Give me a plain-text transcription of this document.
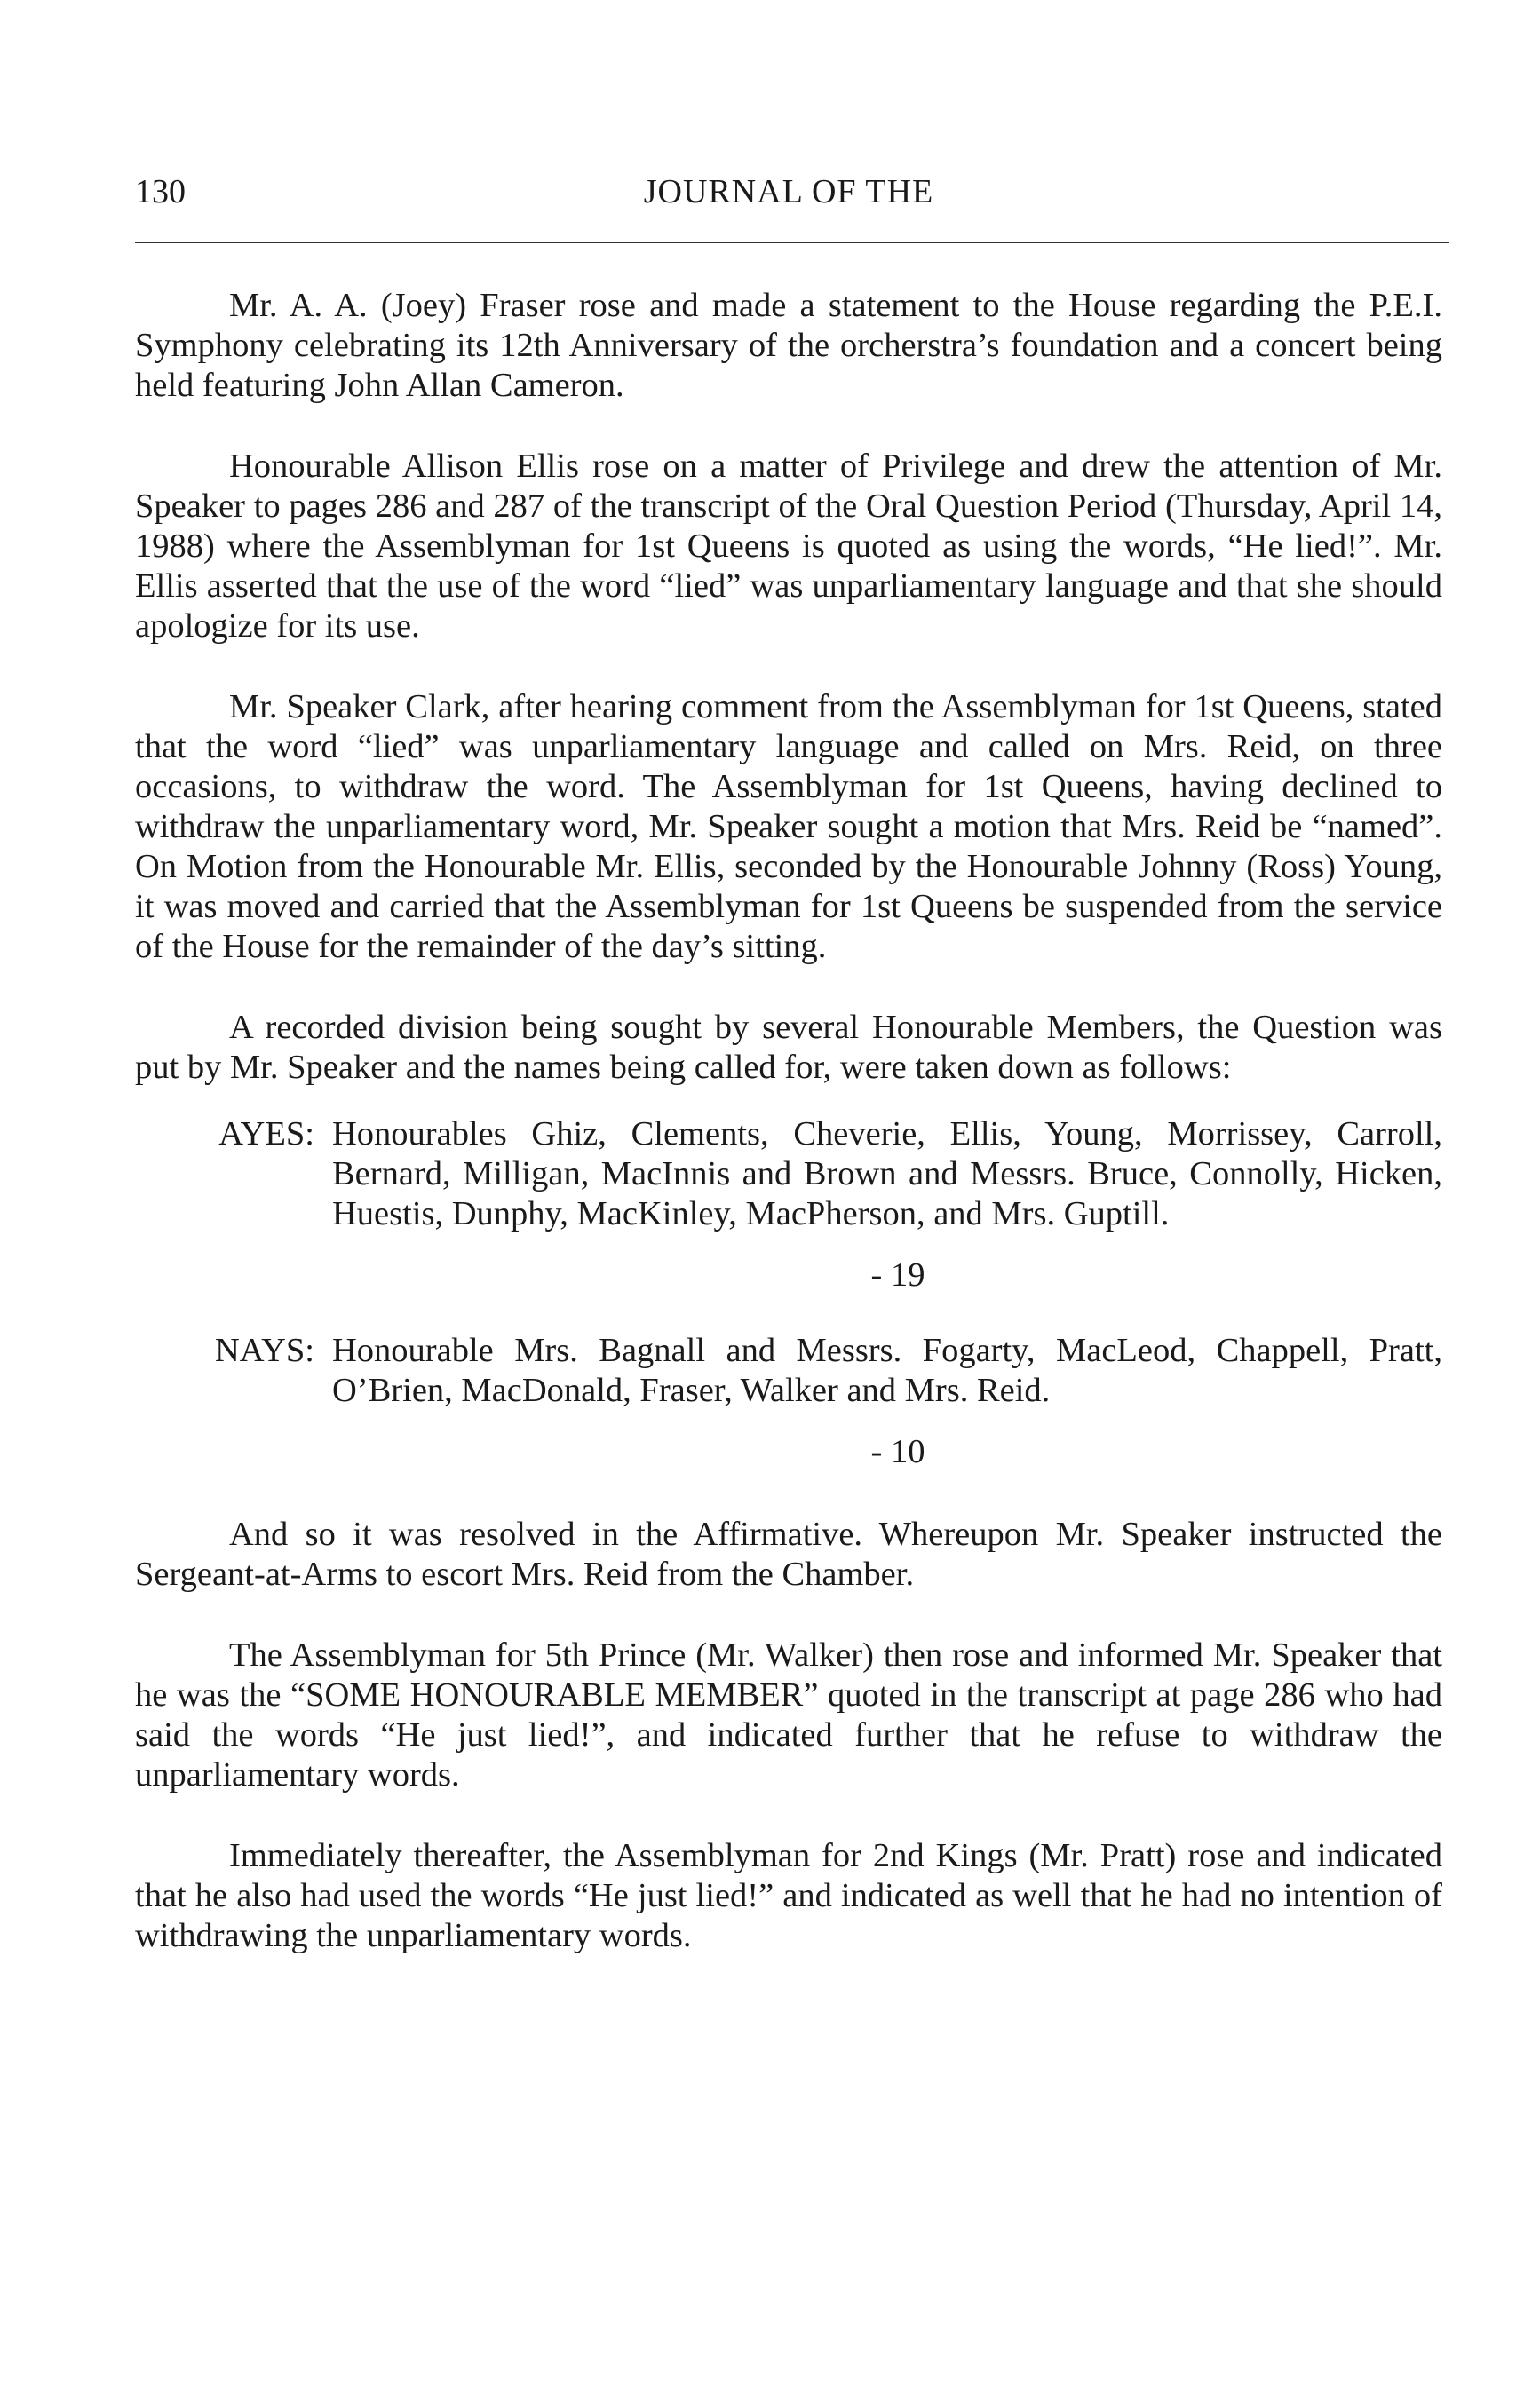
130	JOURNAL OF THE

Mr. A. A. (Joey) Fraser rose and made a statement to the House regarding the P.E.I. Symphony celebrating its 12th Anniversary of the orcherstra’s foundation and a concert being held featuring John Allan Cameron.

Honourable Allison Ellis rose on a matter of Privilege and drew the attention of Mr. Speaker to pages 286 and 287 of the transcript of the Oral Question Period (Thursday, April 14, 1988) where the Assemblyman for 1st Queens is quoted as using the words, “He lied!”. Mr. Ellis asserted that the use of the word “lied” was unparliamentary language and that she should apologize for its use.

Mr. Speaker Clark, after hearing comment from the Assemblyman for 1st Queens, stated that the word “lied” was unparliamentary language and called on Mrs. Reid, on three occasions, to withdraw the word. The Assemblyman for 1st Queens, having declined to withdraw the unparliamentary word, Mr. Speaker sought a motion that Mrs. Reid be “named”. On Motion from the Honourable Mr. Ellis, seconded by the Honourable Johnny (Ross) Young, it was moved and carried that the Assemblyman for 1st Queens be suspended from the service of the House for the remainder of the day’s sitting.

A recorded division being sought by several Honourable Members, the Question was put by Mr. Speaker and the names being called for, were taken down as follows:

AYES: Honourables Ghiz, Clements, Cheverie, Ellis, Young, Morrissey, Carroll, Bernard, Milligan, MacInnis and Brown and Messrs. Bruce, Connolly, Hicken, Huestis, Dunphy, MacKinley, MacPherson, and Mrs. Guptill.
- 19
NAYS: Honourable Mrs. Bagnall and Messrs. Fogarty, MacLeod, Chappell, Pratt, O’Brien, MacDonald, Fraser, Walker and Mrs. Reid.
- 10

And so it was resolved in the Affirmative. Whereupon Mr. Speaker instructed the Sergeant-at-Arms to escort Mrs. Reid from the Chamber.

The Assemblyman for 5th Prince (Mr. Walker) then rose and informed Mr. Speaker that he was the “SOME HONOURABLE MEMBER” quoted in the transcript at page 286 who had said the words “He just lied!”, and indicated further that he refuse to withdraw the unparliamentary words.

Immediately thereafter, the Assemblyman for 2nd Kings (Mr. Pratt) rose and indicated that he also had used the words “He just lied!” and indicated as well that he had no intention of withdrawing the unparliamentary words.
